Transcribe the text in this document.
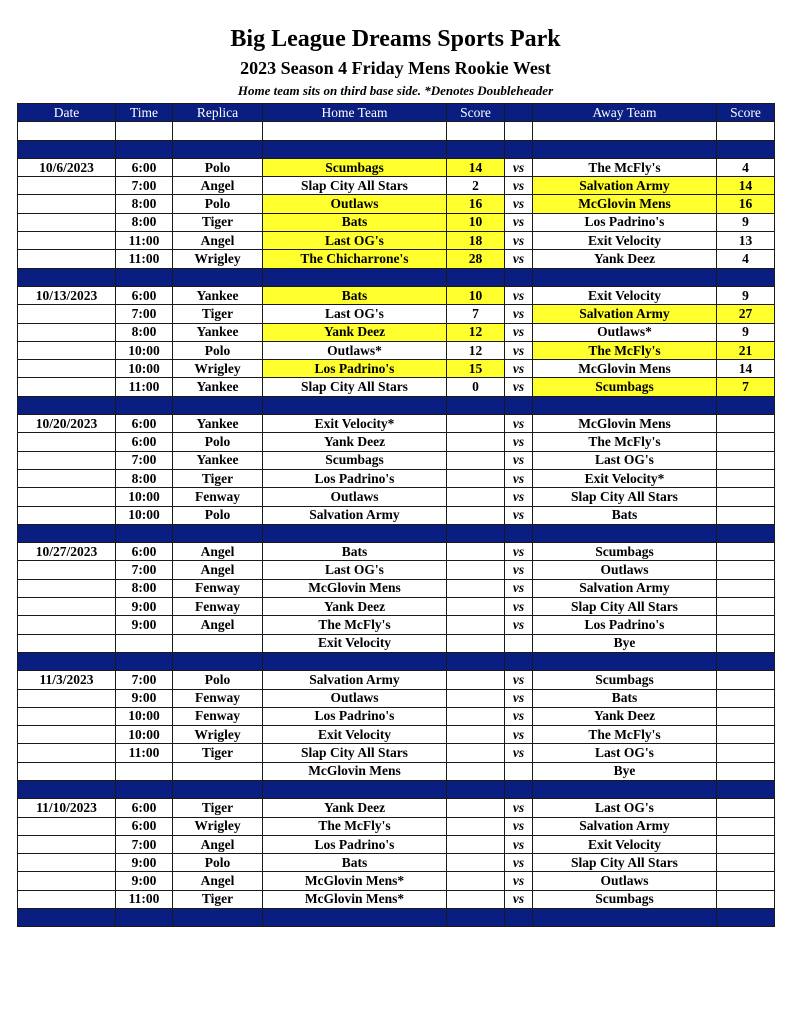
Big League Dreams Sports Park
2023 Season 4 Friday Mens Rookie West
Home team sits on third base side. *Denotes Doubleheader
Date	Time	Replica	Home Team	Score		Away Team	Score

10/6/2023	6:00	Polo	Scumbags	14	vs	The McFly's	4
	7:00	Angel	Slap City All Stars	2	vs	Salvation Army	14
	8:00	Polo	Outlaws	16	vs	McGlovin Mens	16
	8:00	Tiger	Bats	10	vs	Los Padrino's	9
	11:00	Angel	Last OG's	18	vs	Exit Velocity	13
	11:00	Wrigley	The Chicharrone's	28	vs	Yank Deez	4

10/13/2023	6:00	Yankee	Bats	10	vs	Exit Velocity	9
	7:00	Tiger	Last OG's	7	vs	Salvation Army	27
	8:00	Yankee	Yank Deez	12	vs	Outlaws*	9
	10:00	Polo	Outlaws*	12	vs	The McFly's	21
	10:00	Wrigley	Los Padrino's	15	vs	McGlovin Mens	14
	11:00	Yankee	Slap City All Stars	0	vs	Scumbags	7

10/20/2023	6:00	Yankee	Exit Velocity*		vs	McGlovin Mens	
	6:00	Polo	Yank Deez		vs	The McFly's	
	7:00	Yankee	Scumbags		vs	Last OG's	
	8:00	Tiger	Los Padrino's		vs	Exit Velocity*	
	10:00	Fenway	Outlaws		vs	Slap City All Stars	
	10:00	Polo	Salvation Army		vs	Bats	

10/27/2023	6:00	Angel	Bats		vs	Scumbags	
	7:00	Angel	Last OG's		vs	Outlaws	
	8:00	Fenway	McGlovin Mens		vs	Salvation Army	
	9:00	Fenway	Yank Deez		vs	Slap City All Stars	
	9:00	Angel	The McFly's		vs	Los Padrino's	
			Exit Velocity			Bye	

11/3/2023	7:00	Polo	Salvation Army		vs	Scumbags	
	9:00	Fenway	Outlaws		vs	Bats	
	10:00	Fenway	Los Padrino's		vs	Yank Deez	
	10:00	Wrigley	Exit Velocity		vs	The McFly's	
	11:00	Tiger	Slap City All Stars		vs	Last OG's	
			McGlovin Mens			Bye	

11/10/2023	6:00	Tiger	Yank Deez		vs	Last OG's	
	6:00	Wrigley	The McFly's		vs	Salvation Army	
	7:00	Angel	Los Padrino's		vs	Exit Velocity	
	9:00	Polo	Bats		vs	Slap City All Stars	
	9:00	Angel	McGlovin Mens*		vs	Outlaws	
	11:00	Tiger	McGlovin Mens*		vs	Scumbags	
